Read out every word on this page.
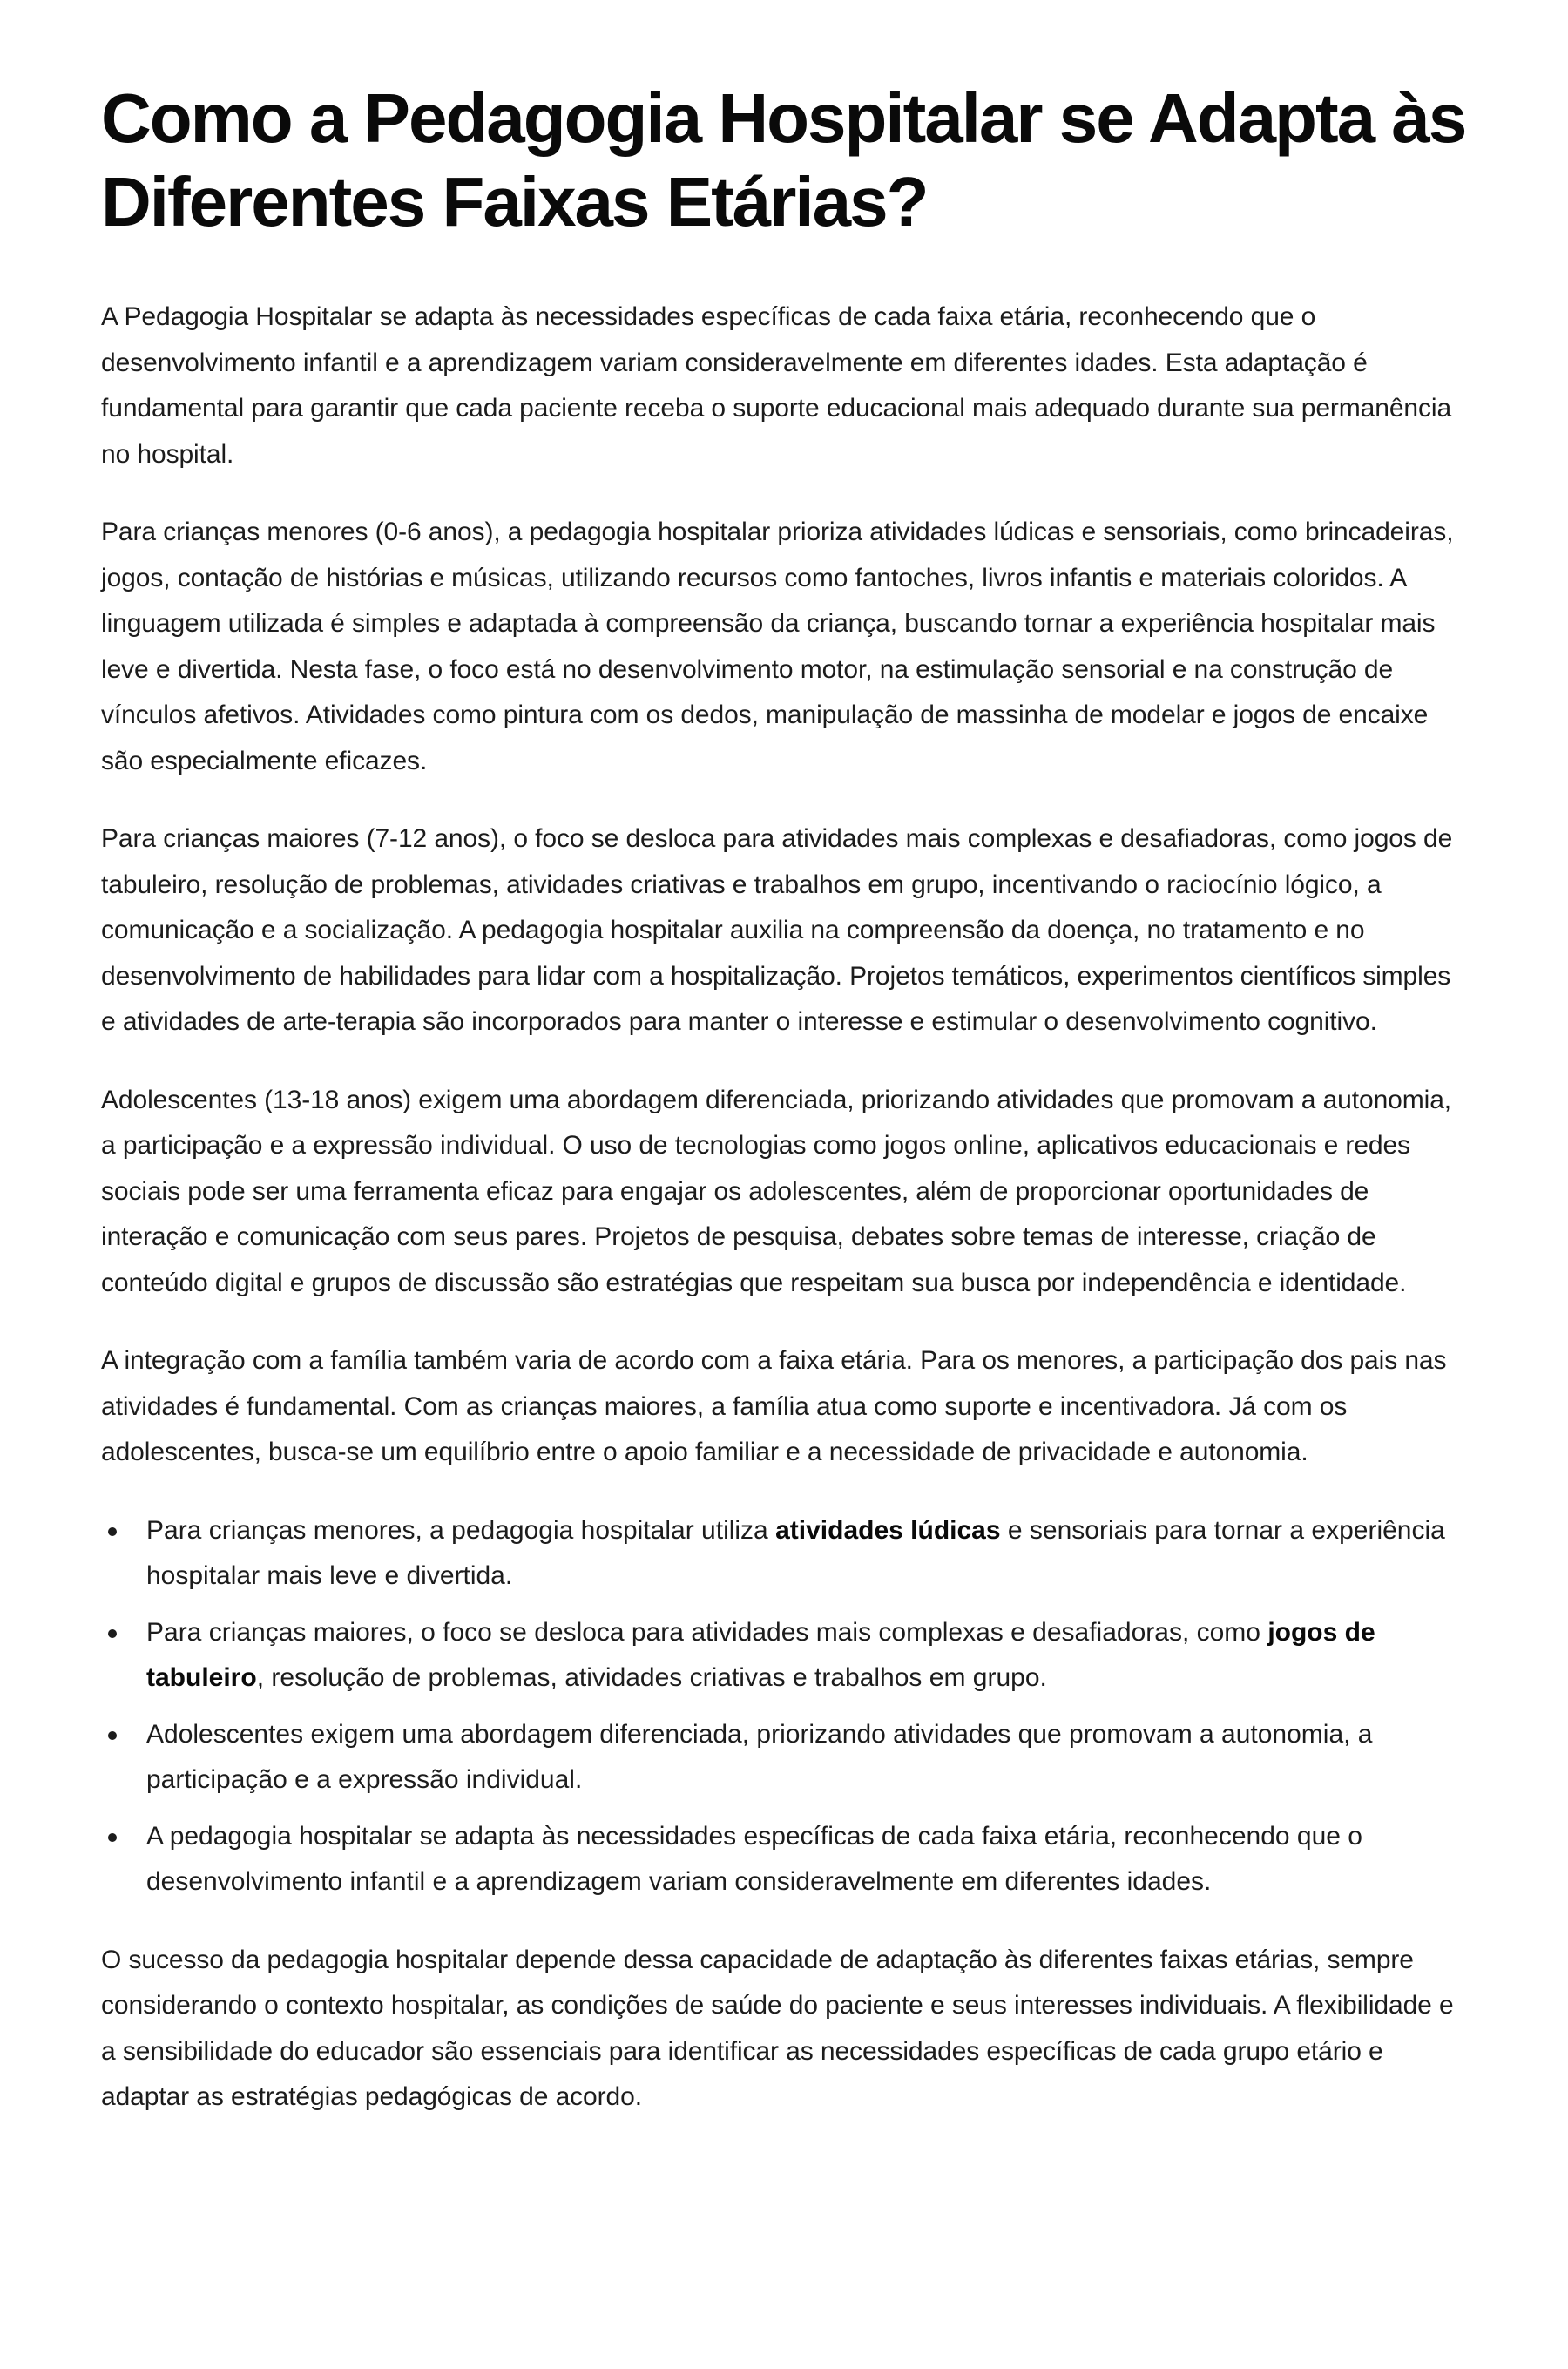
Como a Pedagogia Hospitalar se Adapta às Diferentes Faixas Etárias?

A Pedagogia Hospitalar se adapta às necessidades específicas de cada faixa etária, reconhecendo que o desenvolvimento infantil e a aprendizagem variam consideravelmente em diferentes idades. Esta adaptação é fundamental para garantir que cada paciente receba o suporte educacional mais adequado durante sua permanência no hospital.

Para crianças menores (0-6 anos), a pedagogia hospitalar prioriza atividades lúdicas e sensoriais, como brincadeiras, jogos, contação de histórias e músicas, utilizando recursos como fantoches, livros infantis e materiais coloridos. A linguagem utilizada é simples e adaptada à compreensão da criança, buscando tornar a experiência hospitalar mais leve e divertida. Nesta fase, o foco está no desenvolvimento motor, na estimulação sensorial e na construção de vínculos afetivos. Atividades como pintura com os dedos, manipulação de massinha de modelar e jogos de encaixe são especialmente eficazes.

Para crianças maiores (7-12 anos), o foco se desloca para atividades mais complexas e desafiadoras, como jogos de tabuleiro, resolução de problemas, atividades criativas e trabalhos em grupo, incentivando o raciocínio lógico, a comunicação e a socialização. A pedagogia hospitalar auxilia na compreensão da doença, no tratamento e no desenvolvimento de habilidades para lidar com a hospitalização. Projetos temáticos, experimentos científicos simples e atividades de arte-terapia são incorporados para manter o interesse e estimular o desenvolvimento cognitivo.

Adolescentes (13-18 anos) exigem uma abordagem diferenciada, priorizando atividades que promovam a autonomia, a participação e a expressão individual. O uso de tecnologias como jogos online, aplicativos educacionais e redes sociais pode ser uma ferramenta eficaz para engajar os adolescentes, além de proporcionar oportunidades de interação e comunicação com seus pares. Projetos de pesquisa, debates sobre temas de interesse, criação de conteúdo digital e grupos de discussão são estratégias que respeitam sua busca por independência e identidade.

A integração com a família também varia de acordo com a faixa etária. Para os menores, a participação dos pais nas atividades é fundamental. Com as crianças maiores, a família atua como suporte e incentivadora. Já com os adolescentes, busca-se um equilíbrio entre o apoio familiar e a necessidade de privacidade e autonomia.

Para crianças menores, a pedagogia hospitalar utiliza atividades lúdicas e sensoriais para tornar a experiência hospitalar mais leve e divertida.
Para crianças maiores, o foco se desloca para atividades mais complexas e desafiadoras, como jogos de tabuleiro, resolução de problemas, atividades criativas e trabalhos em grupo.
Adolescentes exigem uma abordagem diferenciada, priorizando atividades que promovam a autonomia, a participação e a expressão individual.
A pedagogia hospitalar se adapta às necessidades específicas de cada faixa etária, reconhecendo que o desenvolvimento infantil e a aprendizagem variam consideravelmente em diferentes idades.

O sucesso da pedagogia hospitalar depende dessa capacidade de adaptação às diferentes faixas etárias, sempre considerando o contexto hospitalar, as condições de saúde do paciente e seus interesses individuais. A flexibilidade e a sensibilidade do educador são essenciais para identificar as necessidades específicas de cada grupo etário e adaptar as estratégias pedagógicas de acordo.
